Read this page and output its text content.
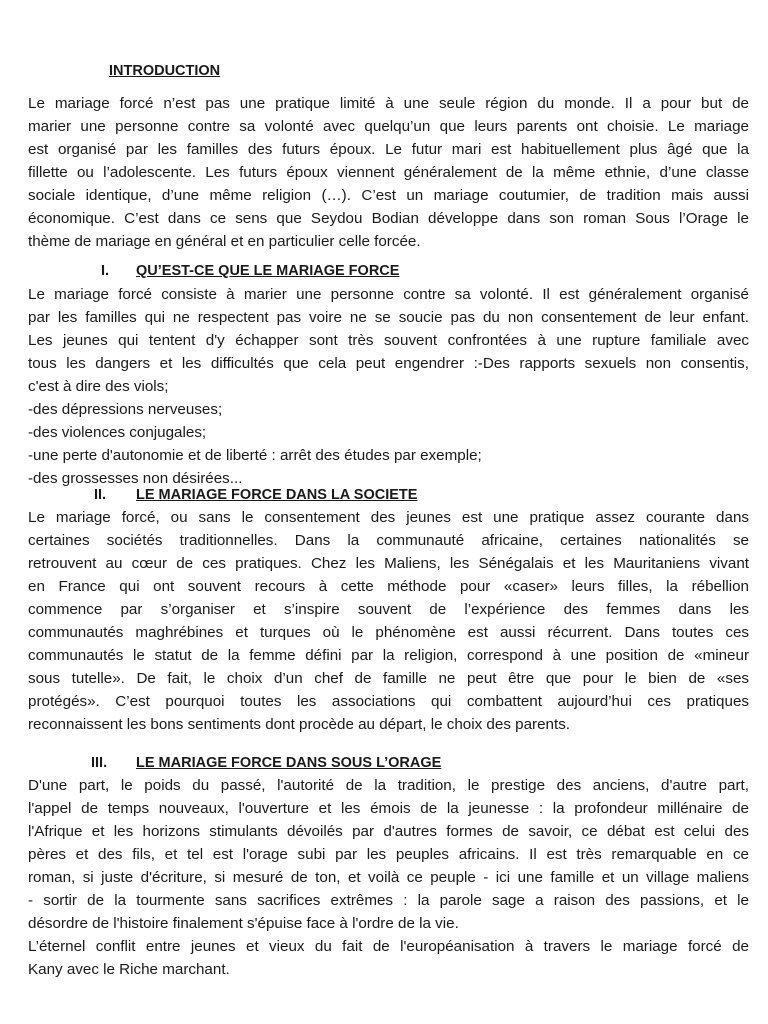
INTRODUCTION
Le mariage forcé n’est pas une pratique limité à une seule région du monde. Il a pour but de
marier une personne contre sa volonté avec quelqu’un que leurs parents ont choisie. Le mariage
est organisé par les familles des futurs époux. Le futur mari est habituellement plus âgé que la
fillette ou l’adolescente. Les futurs époux viennent généralement de la même ethnie, d’une classe
sociale identique, d’une même religion (…). C’est un mariage coutumier, de tradition mais aussi
économique. C’est dans ce sens que Seydou Bodian développe dans son roman Sous l’Orage le
thème de mariage en général et en particulier celle forcée.
I. QU’EST-CE QUE LE MARIAGE FORCE
Le mariage forcé consiste à marier une personne contre sa volonté. Il est généralement organisé
par les familles qui ne respectent pas voire ne se soucie pas du non consentement de leur enfant.
Les jeunes qui tentent d'y échapper sont très souvent confrontées à une rupture familiale avec
tous les dangers et les difficultés que cela peut engendrer :-Des rapports sexuels non consentis,
c'est à dire des viols;
-des dépressions nerveuses;
-des violences conjugales;
-une perte d'autonomie et de liberté : arrêt des études par exemple;
-des grossesses non désirées...
II. LE MARIAGE FORCE DANS LA SOCIETE
Le mariage forcé, ou sans le consentement des jeunes est une pratique assez courante dans
certaines sociétés traditionnelles. Dans la communauté africaine, certaines nationalités se
retrouvent au cœur de ces pratiques. Chez les Maliens, les Sénégalais et les Mauritaniens vivant
en France qui ont souvent recours à cette méthode pour «caser» leurs filles, la rébellion
commence par s’organiser et s’inspire souvent de l’expérience des femmes dans les
communautés maghrébines et turques où le phénomène est aussi récurrent. Dans toutes ces
communautés le statut de la femme défini par la religion, correspond à une position de «mineur
sous tutelle». De fait, le choix d’un chef de famille ne peut être que pour le bien de «ses
protégés». C’est pourquoi toutes les associations qui combattent aujourd’hui ces pratiques
reconnaissent les bons sentiments dont procède au départ, le choix des parents.
III. LE MARIAGE FORCE DANS SOUS L’ORAGE
D'une part, le poids du passé, l'autorité de la tradition, le prestige des anciens, d'autre part,
l'appel de temps nouveaux, l'ouverture et les émois de la jeunesse : la profondeur millénaire de
l'Afrique et les horizons stimulants dévoilés par d'autres formes de savoir, ce débat est celui des
pères et des fils, et tel est l'orage subi par les peuples africains. Il est très remarquable en ce
roman, si juste d'écriture, si mesuré de ton, et voilà ce peuple - ici une famille et un village maliens
- sortir de la tourmente sans sacrifices extrêmes : la parole sage a raison des passions, et le
désordre de l'histoire finalement s'épuise face à l'ordre de la vie.
L’éternel conflit entre jeunes et vieux du fait de l'européanisation à travers le mariage forcé de
Kany avec le Riche marchant.
